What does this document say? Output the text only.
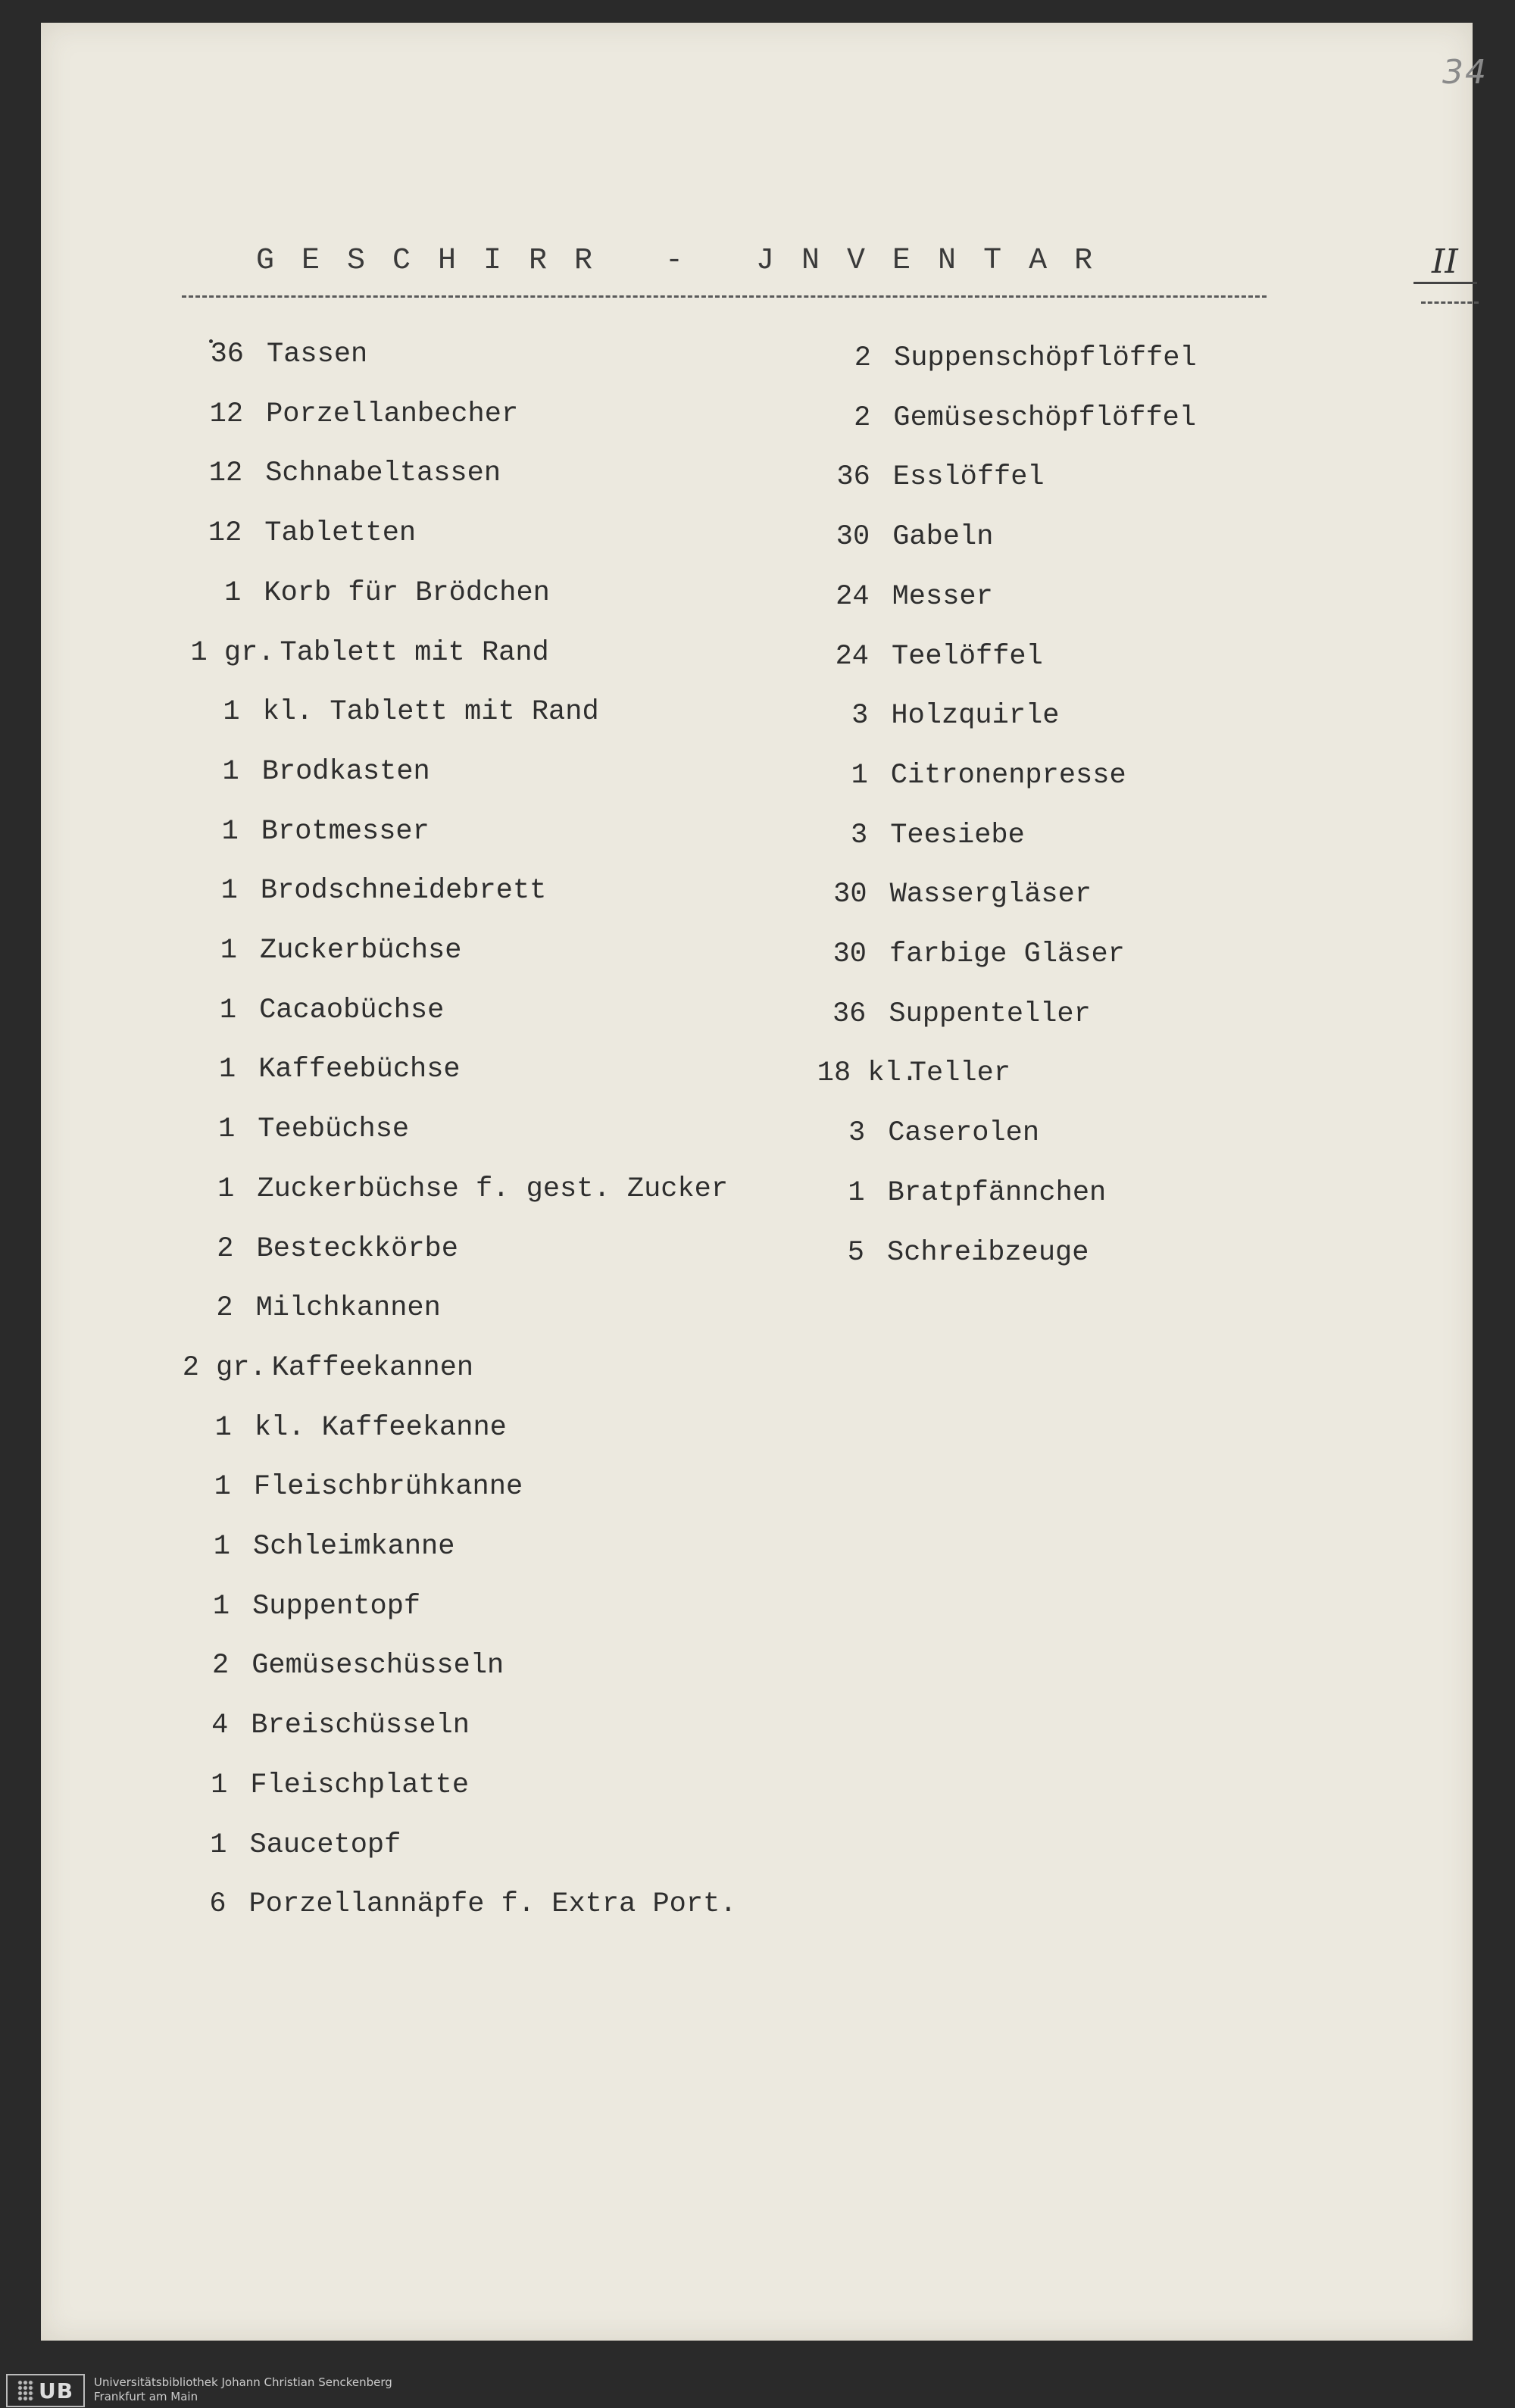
34
GESCHIRR - JNVENTAR	II
36 Tassen
12 Porzellanbecher
12 Schnabeltassen
12 Tabletten
1 Korb für Brödchen
1 gr. Tablett mit Rand
1 kl. Tablett mit Rand
1 Brodkasten
1 Brotmesser
1 Brodschneidebrett
1 Zuckerbüchse
1 Cacaobüchse
1 Kaffeebüchse
1 Teebüchse
1 Zuckerbüchse f. gest. Zucker
2 Besteckkörbe
2 Milchkannen
2 gr. Kaffeekannen
1 kl. Kaffeekanne
1 Fleischbrühkanne
1 Schleimkanne
1 Suppentopf
2 Gemüseschüsseln
4 Breischüsseln
1 Fleischplatte
1 Saucetopf
6 Porzellannäpfe f. Extra Port.
2 Suppenschöpflöffel
2 Gemüseschöpflöffel
36 Esslöffel
30 Gabeln
24 Messer
24 Teelöffel
3 Holzquirle
1 Citronenpresse
3 Teesiebe
30 Wassergläser
30 farbige Gläser
36 Suppenteller
18 kl.
Teller
3 Caserolen
1 Bratpfännchen
5 Schreibzeuge
UB Universitätsbibliothek Johann Christian Senckenberg
Frankfurt am Main
